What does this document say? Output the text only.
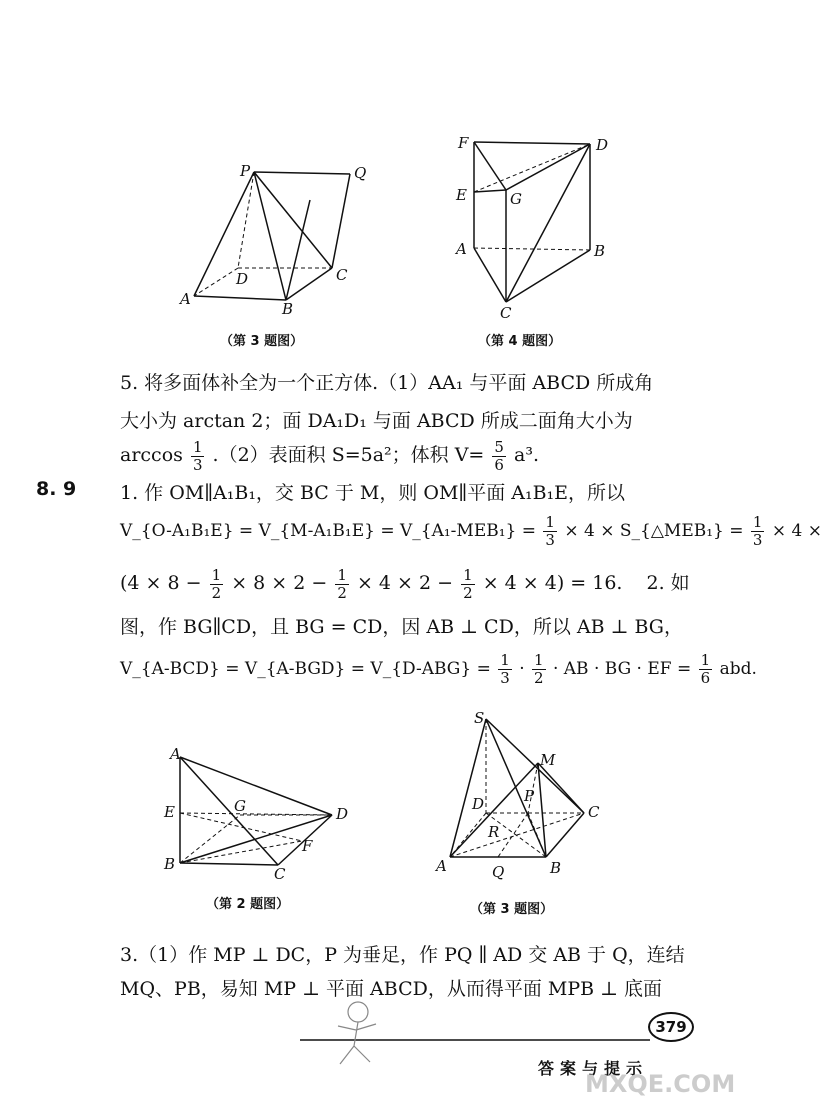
P	Q
D	C
A
B
（第 3 题图）
F	D
E	G
A	B
C
（第 4 题图）
5. 将多面体补全为一个正方体.（1）AA₁ 与平面 ABCD 所成角
大小为 arctan 2；面 DA₁D₁ 与面 ABCD 所成二面角大小为
$\arccos \frac{1}{3} .(2)$表面积 S=5a²；体积 $V= \frac{5}{6} a^3$.
8. 9 1. 作 OM∥A₁B₁，交 BC 于 M，则 OM∥平面 A₁B₁E，所以
V_{O-A₁B₁E} = V_{M-A₁B₁E} = V_{A₁-MEB₁} = $\frac{1}{3} \times 4$ × S_{△MEB₁} = $\frac{1}{3} \times 4$ ×
$(4 \times 8 - \frac{1}{2} \times 8 \times 2 - \frac{1}{2} \times 4 \times 2 - \frac{1}{2} \times 4 \times 4) = 16$. 2. 如
图，作 BG∥CD，且 BG = CD，因 AB ⊥ CD，所以 AB ⊥ BG，
V_{A-BCD} = V_{A-BGD} = V_{D-ABG} = $\frac{1}{3} \cdot \frac{1}{2}$ · AB · BG · EF = $\frac{1}{6}$ abd.
A
E	G	D
F
B
C
（第 2 题图）
S
M
D	P
C
R
A	Q	B
（第 3 题图）
3.（1）作 MP ⊥ DC，P 为垂足，作 PQ ∥ AD 交 AB 于 Q，连结
MQ、PB，易知 MP ⊥ 平面 ABCD，从而得平面 MPB ⊥ 底面
379
答案与提示
MXQE.COM
